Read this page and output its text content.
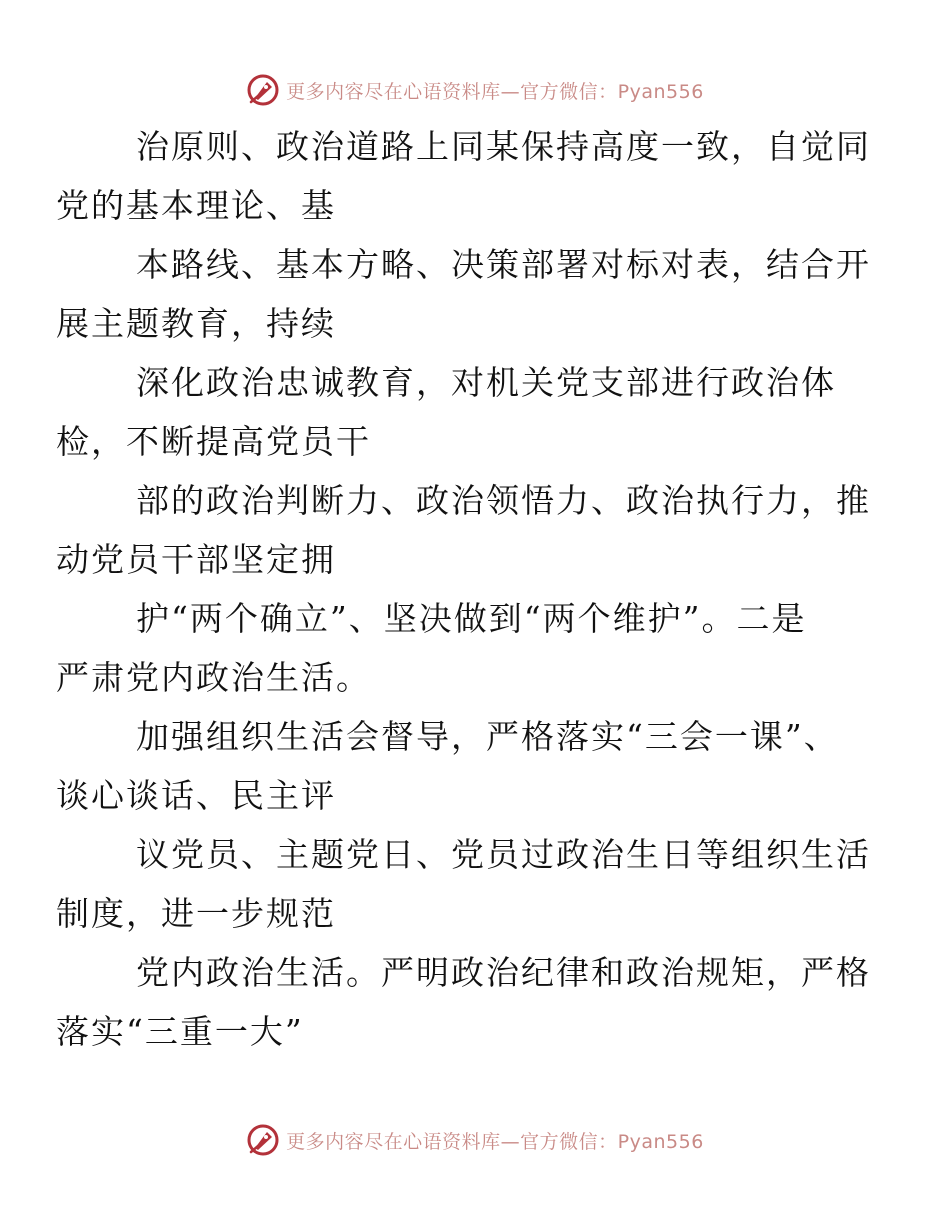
更多内容尽在心语资料库—官方微信：Pyan556

治原则、政治道路上同某保持高度一致，自觉同
党的基本理论、基

本路线、基本方略、决策部署对标对表，结合开
展主题教育，持续

深化政治忠诚教育，对机关党支部进行政治体
检，不断提高党员干

部的政治判断力、政治领悟力、政治执行力，推
动党员干部坚定拥

护“两个确立”、坚决做到“两个维护”。二是
严肃党内政治生活。

加强组织生活会督导，严格落实“三会一课”、
谈心谈话、民主评

议党员、主题党日、党员过政治生日等组织生活
制度，进一步规范

党内政治生活。严明政治纪律和政治规矩，严格
落实“三重一大”

更多内容尽在心语资料库—官方微信：Pyan556
